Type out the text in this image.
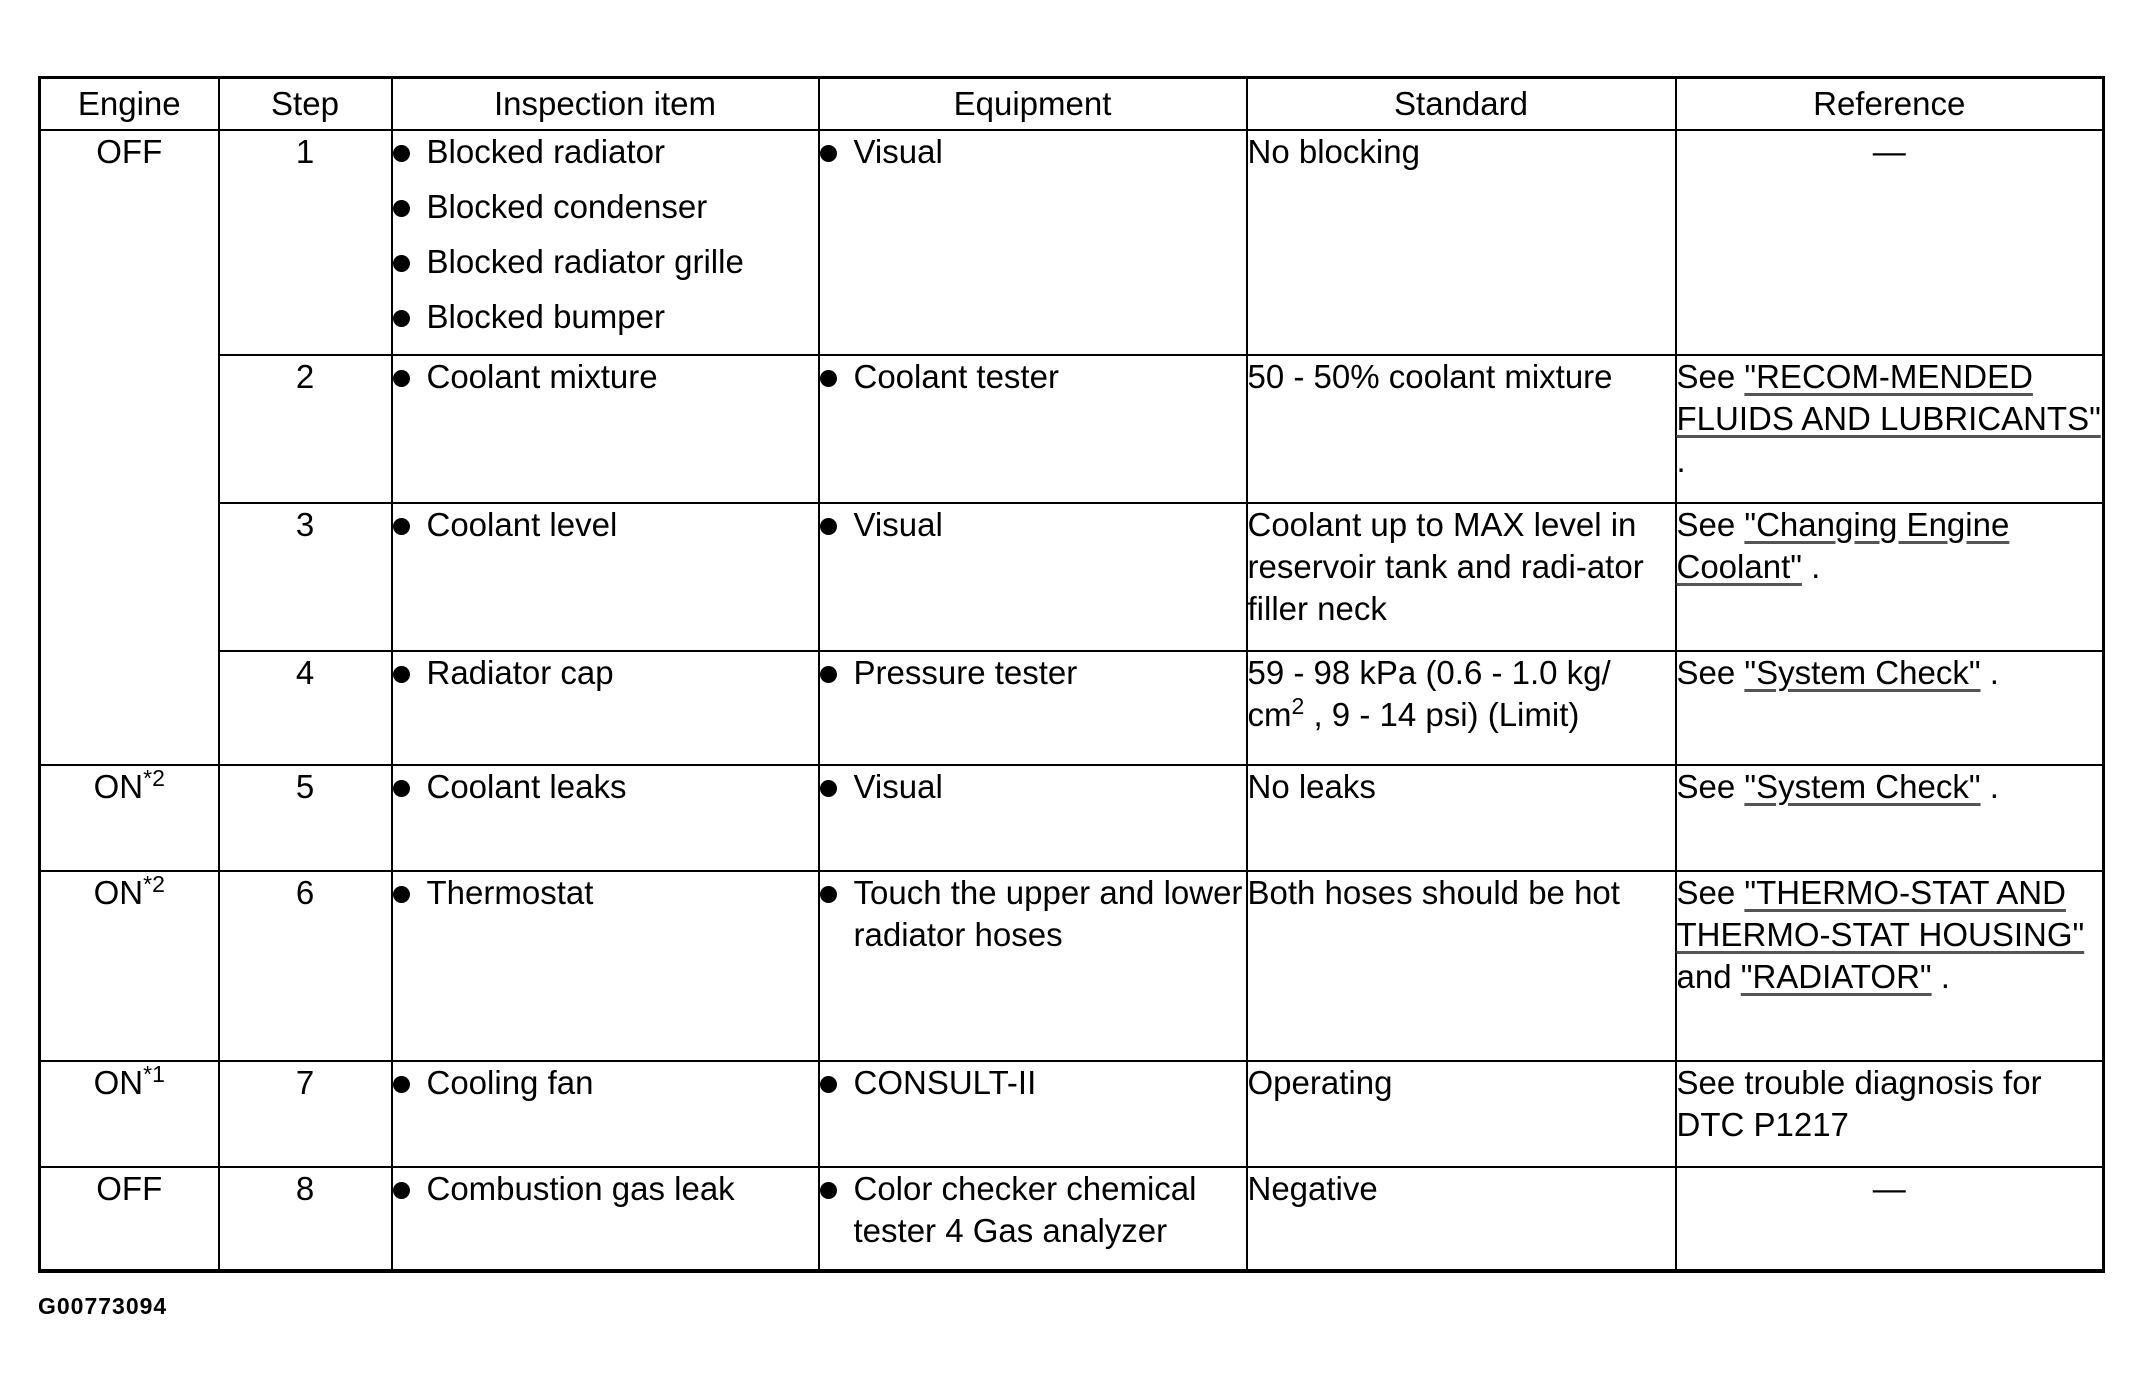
Engine	Step	Inspection item	Equipment	Standard	Reference
OFF	1	Blocked radiator
Blocked condenser
Blocked radiator grille
Blocked bumper	Visual	No blocking	—
	2	Coolant mixture	Coolant tester	50 - 50% coolant mixture	See "RECOM-MENDED FLUIDS AND LUBRICANTS" .
	3	Coolant level	Visual	Coolant up to MAX level in reservoir tank and radi-ator filler neck	See "Changing Engine Coolant" .
	4	Radiator cap	Pressure tester	59 - 98 kPa (0.6 - 1.0 kg/
$cm^2$ , 9 - 14 psi) (Limit)	See "System Check" .
ON$^{*2}$	5	Coolant leaks	Visual	No leaks	See "System Check" .
ON$^{*2}$	6	Thermostat	Touch the upper and lower radiator hoses	Both hoses should be hot	See "THERMO-STAT AND THERMO-STAT HOUSING" and "RADIATOR" .
ON$^{*1}$	7	Cooling fan	CONSULT-II	Operating	See trouble diagnosis for DTC P1217
OFF	8	Combustion gas leak	Color checker chemical tester 4 Gas analyzer	Negative	—
G00773094
